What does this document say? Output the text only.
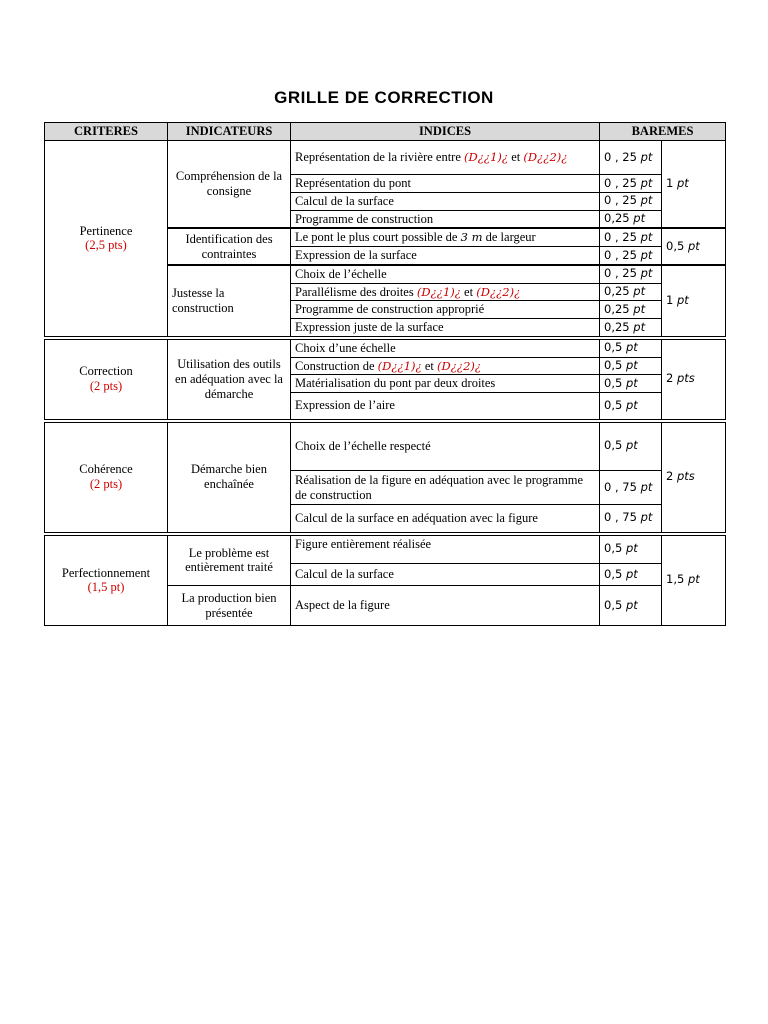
GRILLE DE CORRECTION
CRITERES	INDICATEURS	INDICES	BAREMES	

Pertinence
(2,5 pts)	Compréhension de la consigne	Représentation de la rivière entre (D¿¿1)¿ et (D¿¿2)¿	0 , 25 pt	1 pt
		Représentation du pont	0 , 25 pt	
		Calcul de la surface	0 , 25 pt	
		Programme de construction	0,25 pt	
	Identification des contraintes	Le pont le plus court possible de 3 m de largeur	0 , 25 pt	0,5 pt
		Expression de la surface	0 , 25 pt	
	Justesse la construction	Choix de l’échelle	0 , 25 pt	1 pt
		Parallélisme des droites (D¿¿1)¿ et (D¿¿2)¿	0,25 pt	
		Programme de construction approprié	0,25 pt	
		Expression juste de la surface	0,25 pt	

Correction
(2 pts)	Utilisation des outils en adéquation avec la démarche	Choix d’une échelle	0,5 pt	2 pts
		Construction de (D¿¿1)¿ et (D¿¿2)¿	0,5 pt	
		Matérialisation du pont par deux droites	0,5 pt	
		Expression de l’aire	0,5 pt	

Cohérence
(2 pts)	Démarche bien enchaînée	Choix de l’échelle respecté	0,5 pt	2 pts
		Réalisation de la figure en adéquation avec le programme de construction	0 , 75 pt	
		Calcul de la surface en adéquation avec la figure	0 , 75 pt	

Perfectionnement
(1,5 pt)	Le problème est entièrement traité	Figure entièrement réalisée	0,5 pt	1,5 pt
		Calcul de la surface	0,5 pt	
	La production bien présentée	Aspect de la figure	0,5 pt	
